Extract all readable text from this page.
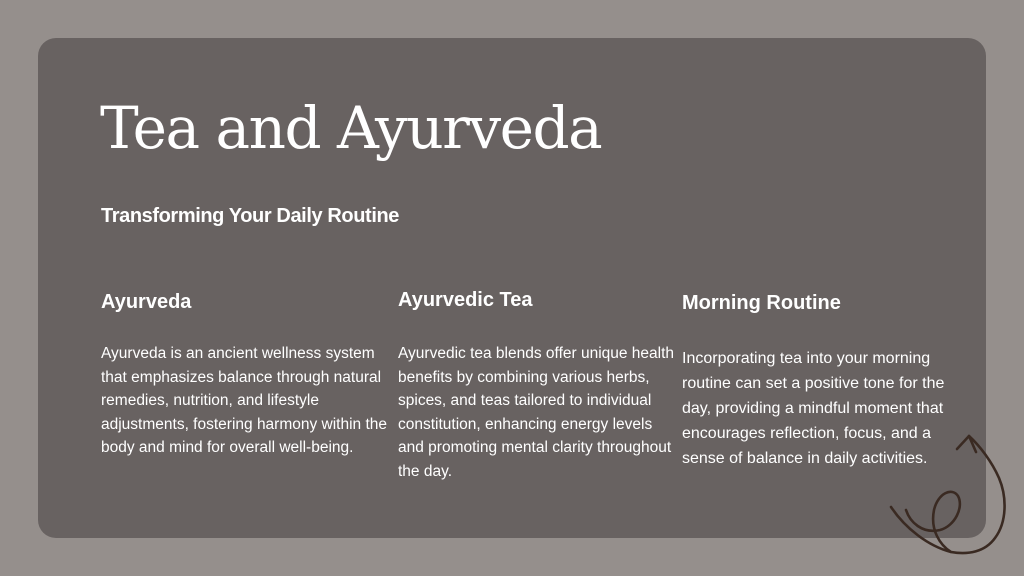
Tea and Ayurveda
Transforming Your Daily Routine
Ayurveda

Ayurveda is an ancient wellness system that emphasizes balance through natural remedies, nutrition, and lifestyle adjustments, fostering harmony within the body and mind for overall well-being.

Ayurvedic Tea

Ayurvedic tea blends offer unique health benefits by combining various herbs, spices, and teas tailored to individual constitution, enhancing energy levels and promoting mental clarity throughout the day.

Morning Routine

Incorporating tea into your morning routine can set a positive tone for the day, providing a mindful moment that encourages reflection, focus, and a sense of balance in daily activities.
